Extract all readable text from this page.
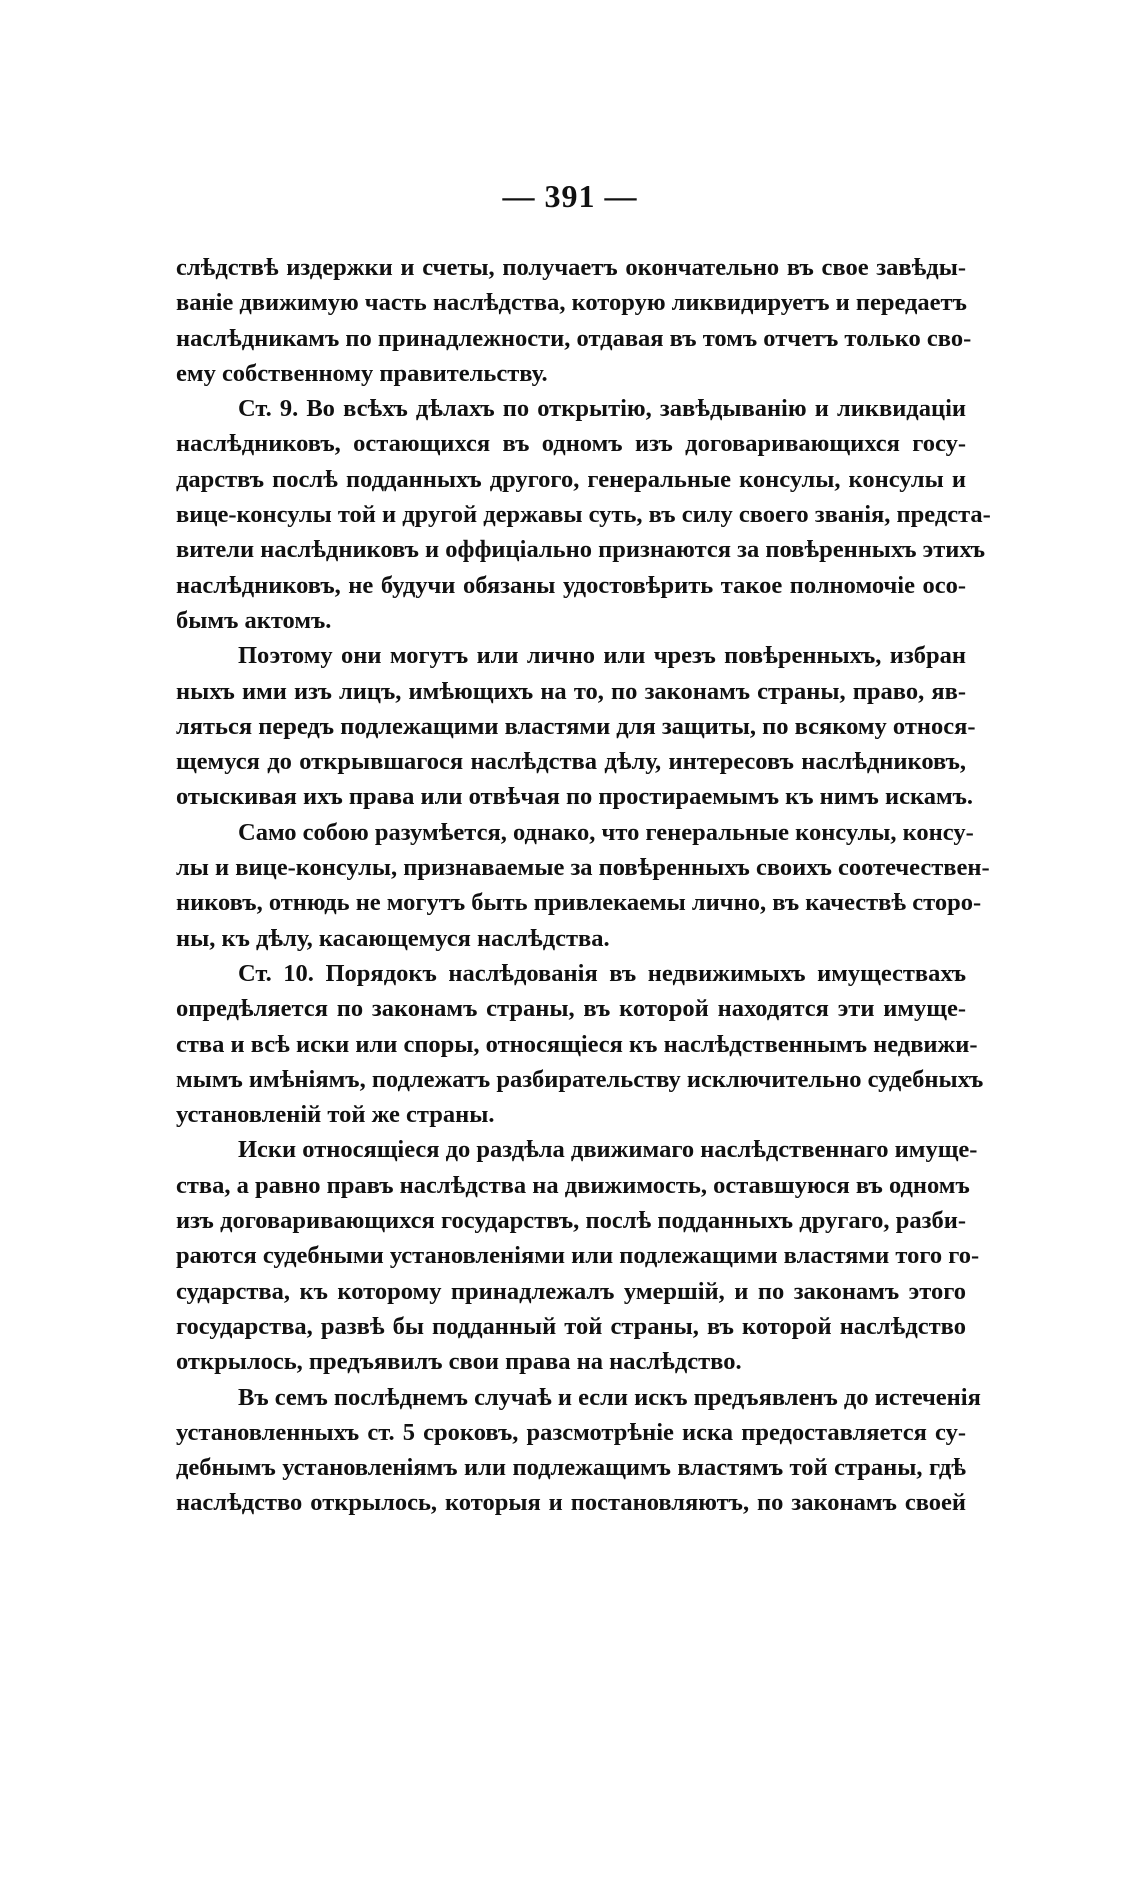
— 391 —
слѣдствѣ издержки и счеты, получаетъ окончательно въ свое завѣды-
ваніе движимую часть наслѣдства, которую ликвидируетъ и передаетъ
наслѣдникамъ по принадлежности, отдавая въ томъ отчетъ только сво-
ему собственному правительству.
Ст. 9. Во всѣхъ дѣлахъ по открытію, завѣдыванію и ликвидаціи
наслѣдниковъ, остающихся въ одномъ изъ договаривающихся госу-
дарствъ послѣ подданныхъ другого, генеральные консулы, консулы и
вице-консулы той и другой державы суть, въ силу своего званія, предста-
вители наслѣдниковъ и оффиціально признаются за повѣренныхъ этихъ
наслѣдниковъ, не будучи обязаны удостовѣрить такое полномочіе осо-
бымъ актомъ.
Поэтому они могутъ или лично или чрезъ повѣренныхъ, избран
ныхъ ими изъ лицъ, имѣющихъ на то, по законамъ страны, право, яв-
ляться передъ подлежащими властями для защиты, по всякому относя-
щемуся до открывшагося наслѣдства дѣлу, интересовъ наслѣдниковъ,
отыскивая ихъ права или отвѣчая по простираемымъ къ нимъ искамъ.
Само собою разумѣется, однако, что генеральные консулы, консу-
лы и вице-консулы, признаваемые за повѣренныхъ своихъ соотечествен-
никовъ, отнюдь не могутъ быть привлекаемы лично, въ качествѣ сторо-
ны, къ дѣлу, касающемуся наслѣдства.
Ст. 10. Порядокъ наслѣдованія въ недвижимыхъ имуществахъ
опредѣляется по законамъ страны, въ которой находятся эти имуще-
ства и всѣ иски или споры, относящіеся къ наслѣдственнымъ недвижи-
мымъ имѣніямъ, подлежатъ разбирательству исключительно судебныхъ
установленій той же страны.
Иски относящіеся до раздѣла движимаго наслѣдственнаго имуще-
ства, а равно правъ наслѣдства на движимость, оставшуюся въ одномъ
изъ договаривающихся государствъ, послѣ подданныхъ другаго, разби-
раются судебными установленіями или подлежащими властями того го-
сударства, къ которому принадлежалъ умершій, и по законамъ этого
государства, развѣ бы подданный той страны, въ которой наслѣдство
открылось, предъявилъ свои права на наслѣдство.
Въ семъ послѣднемъ случаѣ и если искъ предъявленъ до истеченія
установленныхъ ст. 5 сроковъ, разсмотрѣніе иска предоставляется су-
дебнымъ установленіямъ или подлежащимъ властямъ той страны, гдѣ
наслѣдство открылось, которыя и постановляютъ, по законамъ своей
